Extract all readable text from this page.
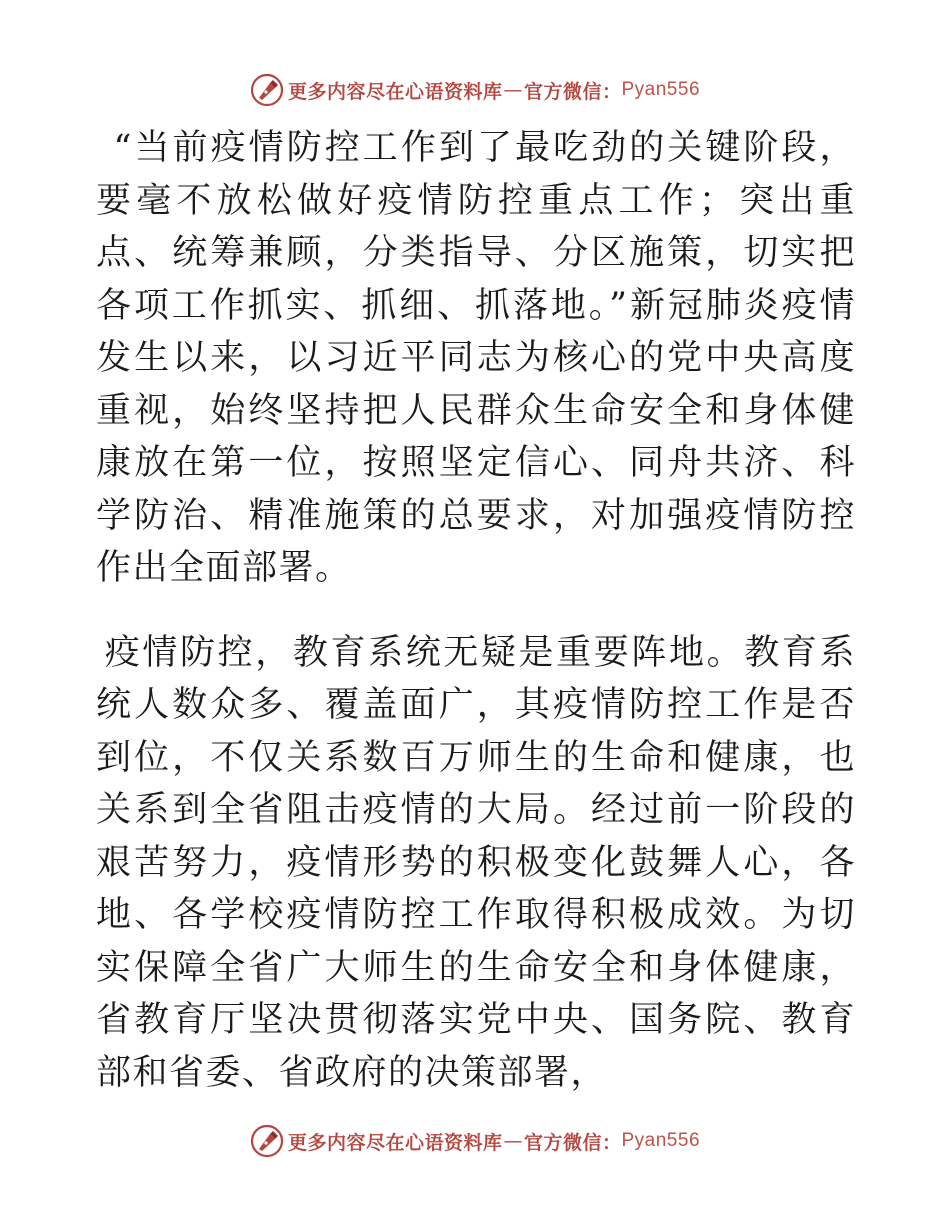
更多内容尽在心语资料库 — 官方微信： Pyan556

“当前疫情防控工作到了最吃劲的关键阶段，要毫不放松做好疫情防控重点工作；突出重点、统筹兼顾，分类指导、分区施策，切实把各项工作抓实、抓细、抓落地。”新冠肺炎疫情发生以来，以习近平同志为核心的党中央高度重视，始终坚持把人民群众生命安全和身体健康放在第一位，按照坚定信心、同舟共济、科学防治、精准施策的总要求，对加强疫情防控作出全面部署。

疫情防控，教育系统无疑是重要阵地。教育系统人数众多、覆盖面广，其疫情防控工作是否到位，不仅关系数百万师生的生命和健康，也关系到全省阻击疫情的大局。经过前一阶段的艰苦努力，疫情形势的积极变化鼓舞人心，各地、各学校疫情防控工作取得积极成效。为切实保障全省广大师生的生命安全和身体健康，省教育厅坚决贯彻落实党中央、国务院、教育部和省委、省政府的决策部署，

更多内容尽在心语资料库 — 官方微信： Pyan556
